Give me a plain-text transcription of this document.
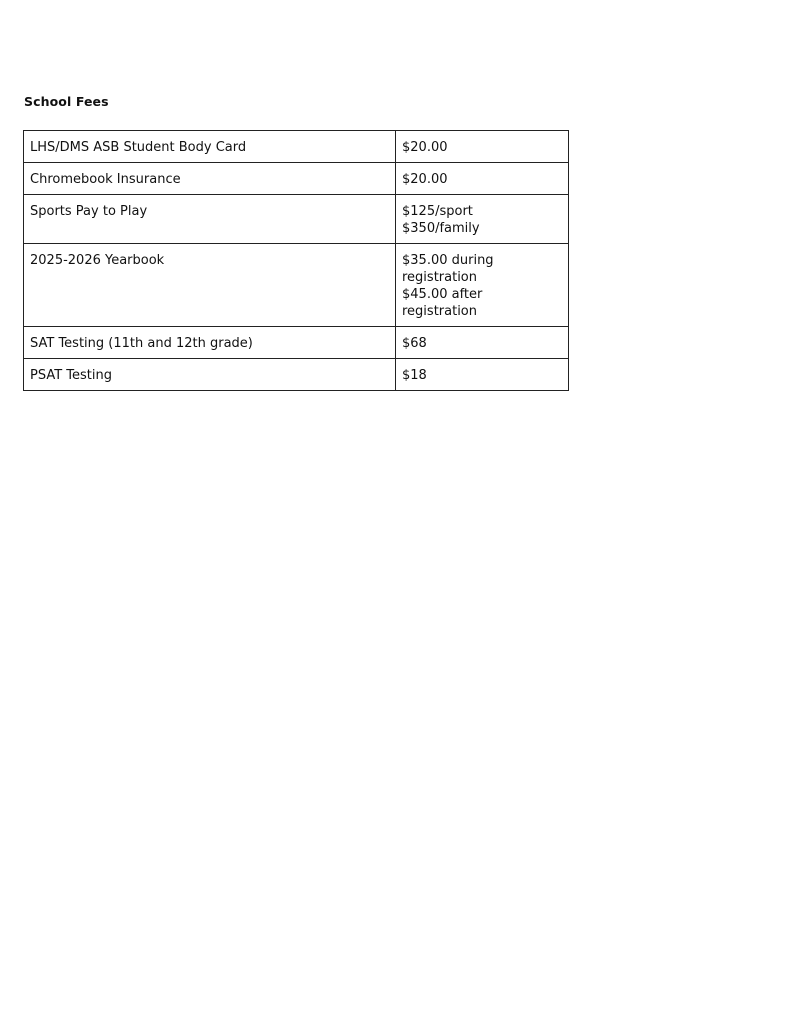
School Fees
LHS/DMS ASB Student Body Card	$20.00

Chromebook Insurance	$20.00

Sports Pay to Play	$125/sport
$350/family

2025-2026 Yearbook	$35.00 during
registration
$45.00 after
registration

SAT Testing (11th and 12th grade)	$68

PSAT Testing	$18
